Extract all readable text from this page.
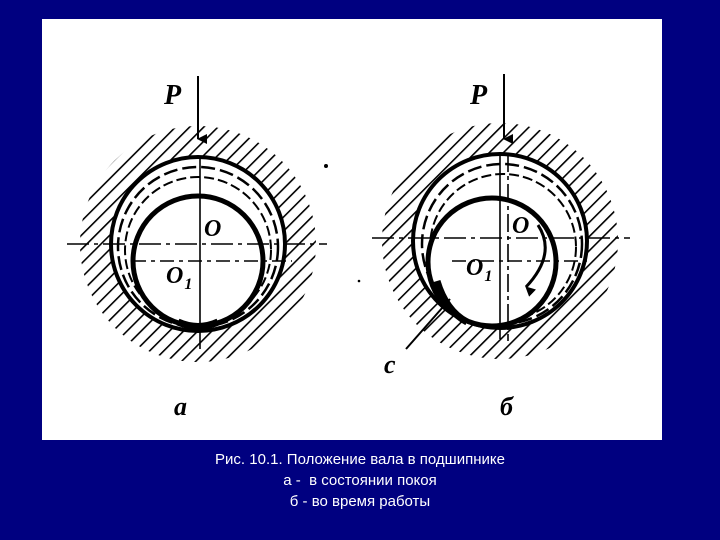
P
O
$O_1$
а
P
O
$O_1$
c
б
Рис. 10.1. Положение вала в подшипнике
а -  в состоянии покоя
б - во время работы
